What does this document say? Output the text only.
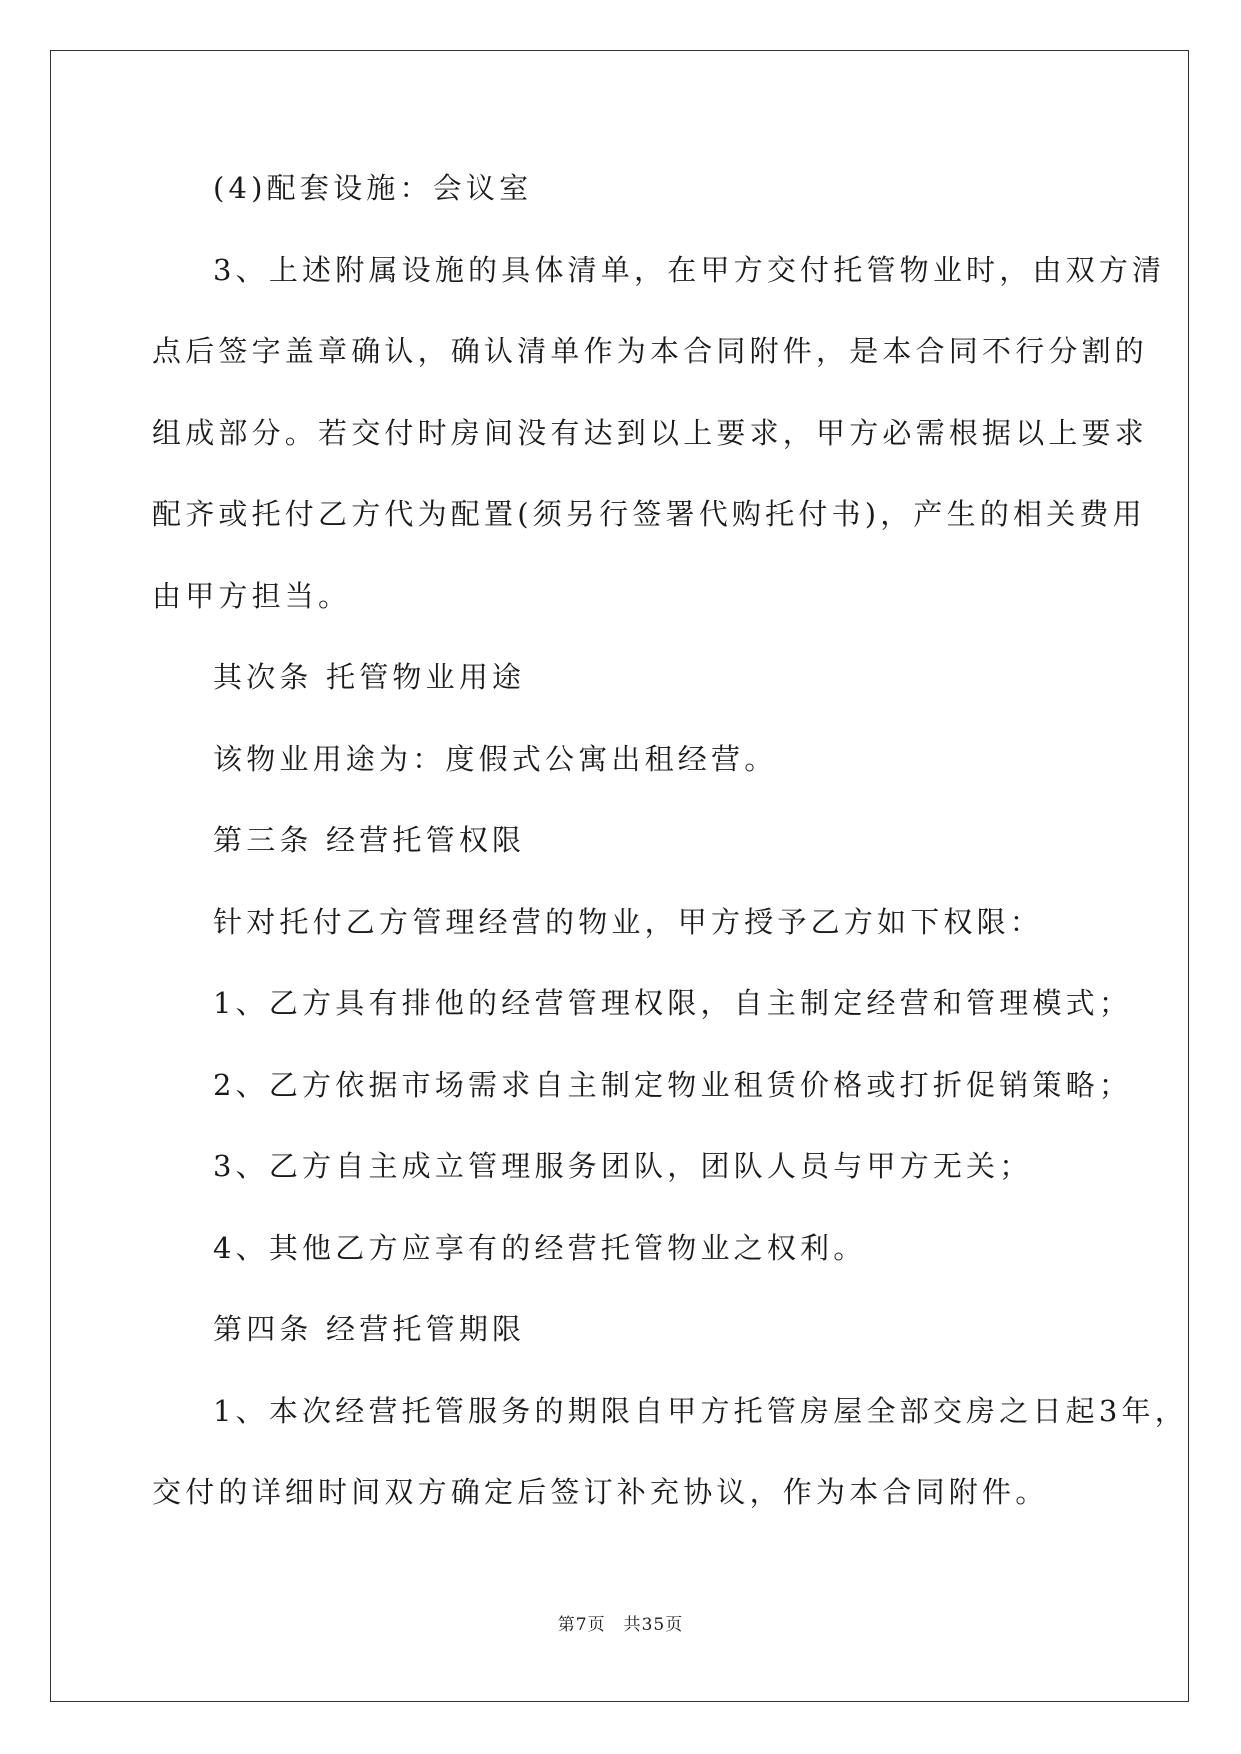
(4)配套设施：会议室
3、上述附属设施的具体清单，在甲方交付托管物业时，由双方清
点后签字盖章确认，确认清单作为本合同附件，是本合同不行分割的
组成部分。若交付时房间没有达到以上要求，甲方必需根据以上要求
配齐或托付乙方代为配置(须另行签署代购托付书)，产生的相关费用
由甲方担当。
其次条 托管物业用途
该物业用途为：度假式公寓出租经营。
第三条 经营托管权限
针对托付乙方管理经营的物业，甲方授予乙方如下权限：
1、乙方具有排他的经营管理权限，自主制定经营和管理模式；
2、乙方依据市场需求自主制定物业租赁价格或打折促销策略；
3、乙方自主成立管理服务团队，团队人员与甲方无关；
4、其他乙方应享有的经营托管物业之权利。
第四条 经营托管期限
1、本次经营托管服务的期限自甲方托管房屋全部交房之日起3年，
交付的详细时间双方确定后签订补充协议，作为本合同附件。
第7页 共35页
